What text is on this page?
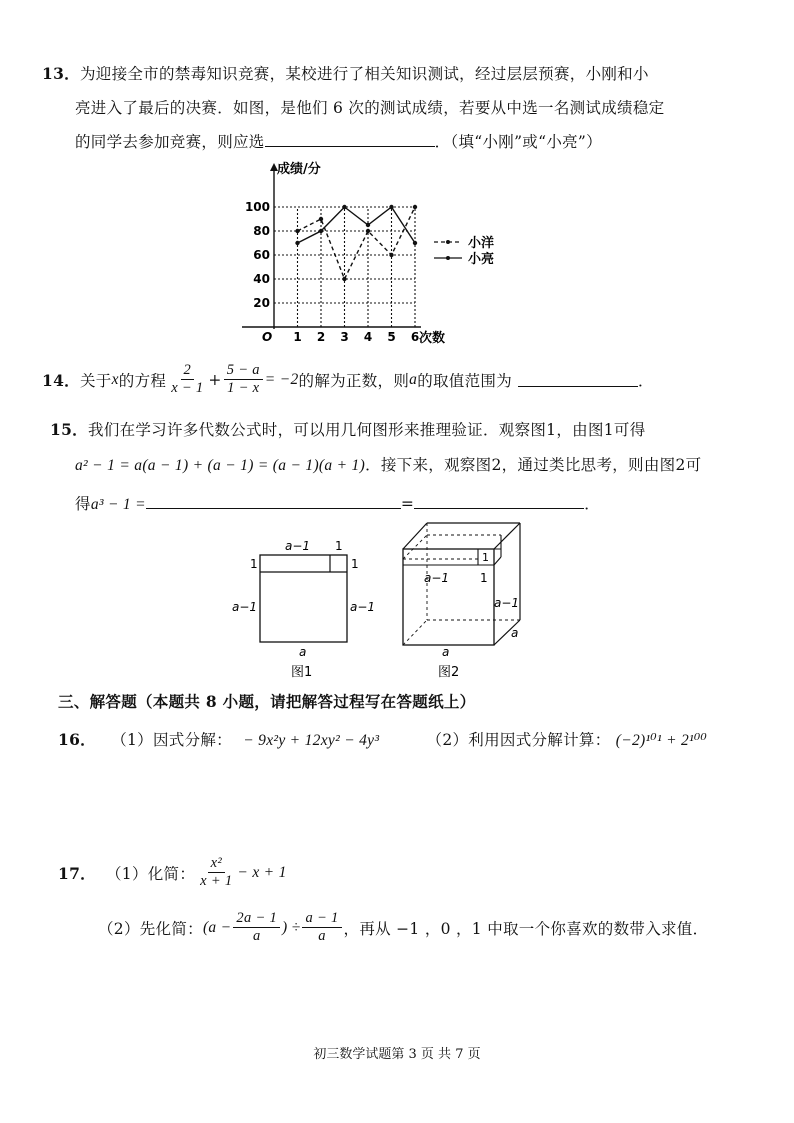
13．为迎接全市的禁毒知识竞赛，某校进行了相关知识测试，经过层层预赛，小刚和小
亮进入了最后的决赛．如图，是他们 6 次的测试成绩，若要从中选一名测试成绩稳定
的同学去参加竞赛，则应选	．（填“小刚”或“小亮”）
成绩/分
次数
O
20
40
60
80
100
1 2 3 4 5 6
小洋
小亮
14． 关于 x 的方程 $\frac{2}{x - 1} + \frac{5 - a}{1 - x} = -2$ 的解为正数，则 a 的取值范围为	．
15．我们在学习许多代数公式时，可以用几何图形来推理验证．观察图1，由图1可得
a² − 1 = a(a − 1) + (a − 1) = (a − 1)(a + 1)．接下来，观察图2，通过类比思考，则由图2可
得a³ − 1 =	=	．
a−1 1
1	1
a−1	a−1
a
图1
1
a−1	1
a−1
a
a
图2
三、解答题（本题共 8 小题，请把解答过程写在答题纸上）
16． （1）因式分解： − 9x²y + 12xy² − 4y³	（2）利用因式分解计算： (−2)¹⁰¹ + 2¹⁰⁰
17． （1）化简： $\frac{\text{x²}}{x + 1} - x + 1$
（2）先化简： ($a - \frac{2a - 1}{a}$ ) ÷ $\frac{a - 1}{a}$ ，再从 −1 ，0 ，1 中取一个你喜欢的数带入求值．
初三数学试题第 3 页 共 7 页
